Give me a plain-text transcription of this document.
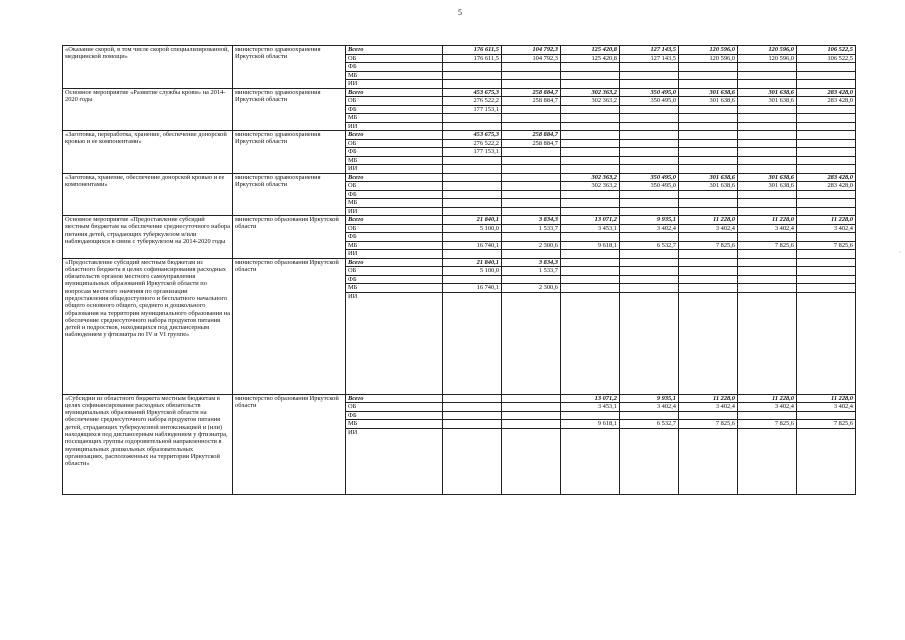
5
«Оказание скорой, в том числе скорой специализированной, медицинской помощи»	министерство здравоохранения Иркутской области	Всего	176 611,5	104 792,3	125 420,8	127 143,5	120 596,0	120 596,0	106 522,5
		ОБ	176 611,5	104 792,3	125 420,8	127 143,5	120 596,0	120 596,0	106 522,5
		ФБ							
		МБ							
		ИИ							
Основное мероприятие «Развитие службы крови» на 2014-2020 годы	министерство здравоохранения Иркутской области	Всего	453 675,3	258 884,7	302 363,2	350 495,0	301 638,6	301 638,6	283 428,0
		ОБ	276 522,2	258 884,7	302 363,2	350 495,0	301 638,6	301 638,6	283 428,0
		ФБ	177 153,1						
		МБ							
		ИИ							
«Заготовка, переработка, хранение, обеспечение донорской кровью и ее компонентами»	министерство здравоохранения Иркутской области	Всего	453 675,3	258 884,7					
		ОБ	276 522,2	258 884,7					
		ФБ	177 153,1						
		МБ							
		ИИ							
«Заготовка, хранение, обеспечение донорской кровью и ее компонентами»	министерство здравоохранения Иркутской области	Всего			302 363,2	350 495,0	301 638,6	301 638,6	283 428,0
		ОБ			302 363,2	350 495,0	301 638,6	301 638,6	283 428,0
		ФБ							
		МБ							
		ИИ							
Основное мероприятие «Предоставление субсидий местным бюджетам на обеспечение среднесуточного набора питания детей, страдающих туберкулезом и/или наблюдающихся в связи с туберкулезом на 2014-2020 годы	министерство образования Иркутской области	Всего	21 840,1	3 834,3	13 071,2	9 935,1	11 228,0	11 228,0	11 228,0
		ОБ	5 100,0	1 533,7	3 453,1	3 402,4	3 402,4	3 402,4	3 402,4
		ФБ							
		МБ	16 740,1	2 300,6	9 618,1	6 532,7	7 825,6	7 825,6	7 825,6
		ИИ							
«Предоставление субсидий местным бюджетам из областного бюджета в целях софинансирования расходных обязательств органов местного самоуправления муниципальных образований Иркутской области по вопросам местного значения по организации предоставления общедоступного и бесплатного начального общего основного общего, среднего и дошкольного образования на территории муниципального образования на обеспечение среднесуточного набора продуктов питания детей и подростков, находящихся под диспансерным наблюдением у фтизиатра по IV и VI группе»	министерство образования Иркутской области	Всего	21 840,1	3 834,3					
		ОБ	5 100,0	1 533,7					
		ФБ							
		МБ	16 740,1	2 300,6					
		ИИ							
«Субсидии из областного бюджета местным бюджетам в целях софинансирования расходных обязательств муниципальных образований Иркутской области на обеспечение среднесуточного набора продуктов питания детей, страдающих туберкулезной интоксикацией и (или) находящихся под диспансерным наблюдением у фтизиатра, посещающих группы оздоровительной направленности в муниципальных дошкольных образовательных организациях, расположенных на территории Иркутской области»	министерство образования Иркутской области	Всего			13 071,2	9 935,1	11 228,0	11 228,0	11 228,0
		ОБ			3 453,1	3 402,4	3 402,4	3 402,4	3 402,4
		ФБ							
		МБ			9 618,1	6 532,7	7 825,6	7 825,6	7 825,6
		ИИ							
·
